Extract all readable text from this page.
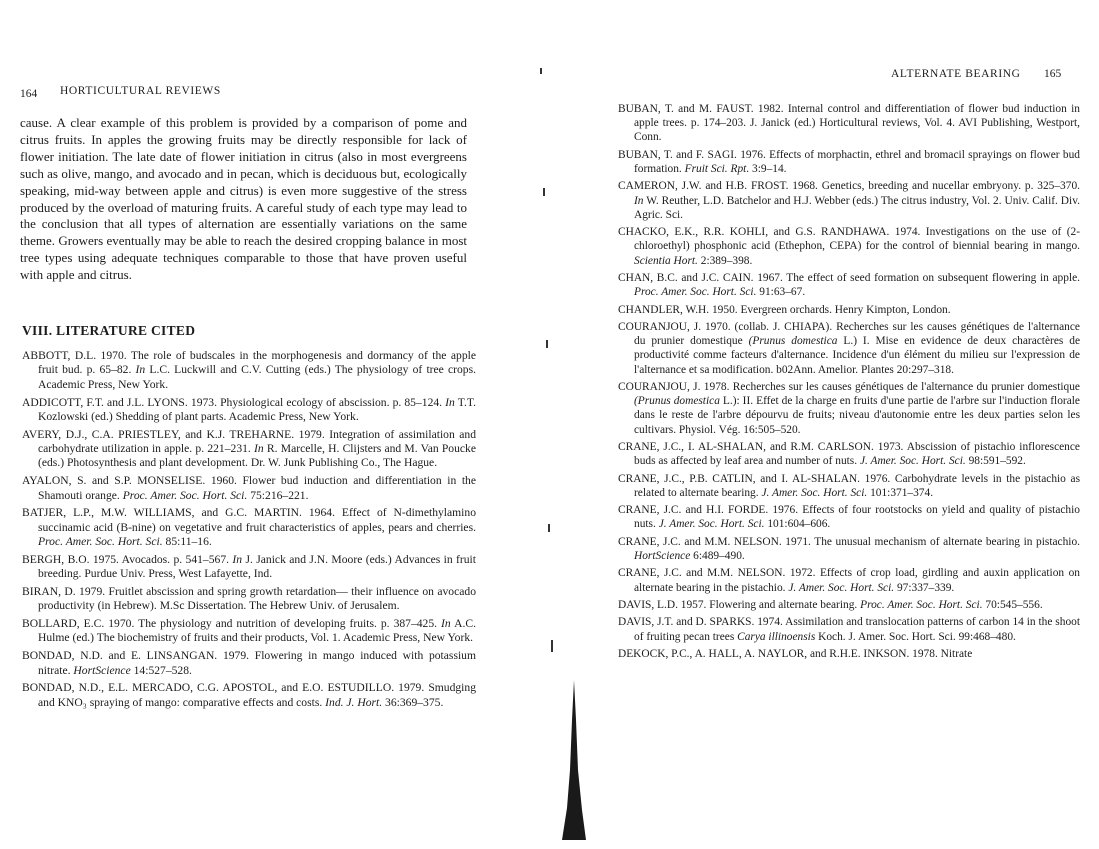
164 HORTICULTURAL REVIEWS

cause. A clear example of this problem is provided by a comparison of pome and citrus fruits. In apples the growing fruits may be directly responsible for lack of flower initiation. The late date of flower initiation in citrus (also in most evergreens such as olive, mango, and avocado and in pecan, which is deciduous but, ecologically speaking, mid-way between apple and citrus) is even more suggestive of the stress produced by the overload of maturing fruits. A careful study of each type may lead to the conclusion that all types of alternation are essentially variations on the same theme. Growers eventually may be able to reach the desired cropping balance in most tree types using adequate techniques comparable to those that have proven useful with apple and citrus.

VIII. LITERATURE CITED
ABBOTT, D.L. 1970. The role of budscales in the morphogenesis and dormancy of the apple fruit bud. p. 65–82. In L.C. Luckwill and C.V. Cutting (eds.) The physiology of tree crops. Academic Press, New York.
ADDICOTT, F.T. and J.L. LYONS. 1973. Physiological ecology of abscission. p. 85–124. In T.T. Kozlowski (ed.) Shedding of plant parts. Academic Press, New York.
AVERY, D.J., C.A. PRIESTLEY, and K.J. TREHARNE. 1979. Integration of assimilation and carbohydrate utilization in apple. p. 221–231. In R. Marcelle, H. Clijsters and M. Van Poucke (eds.) Photosynthesis and plant development. Dr. W. Junk Publishing Co., The Hague.
AYALON, S. and S.P. MONSELISE. 1960. Flower bud induction and differentiation in the Shamouti orange. Proc. Amer. Soc. Hort. Sci. 75:216–221.
BATJER, L.P., M.W. WILLIAMS, and G.C. MARTIN. 1964. Effect of N-dimethylamino succinamic acid (B-nine) on vegetative and fruit characteristics of apples, pears and cherries. Proc. Amer. Soc. Hort. Sci. 85:11–16.
BERGH, B.O. 1975. Avocados. p. 541–567. In J. Janick and J.N. Moore (eds.) Advances in fruit breeding. Purdue Univ. Press, West Lafayette, Ind.
BIRAN, D. 1979. Fruitlet abscission and spring growth retardation— their influence on avocado productivity (in Hebrew). M.Sc Dissertation. The Hebrew Univ. of Jerusalem.
BOLLARD, E.C. 1970. The physiology and nutrition of developing fruits. p. 387–425. In A.C. Hulme (ed.) The biochemistry of fruits and their products, Vol. 1. Academic Press, New York.
BONDAD, N.D. and E. LINSANGAN. 1979. Flowering in mango induced with potassium nitrate. HortScience 14:527–528.
BONDAD, N.D., E.L. MERCADO, C.G. APOSTOL, and E.O. ESTUDILLO. 1979. Smudging and KNO₃ spraying of mango: comparative effects and costs. Ind. J. Hort. 36:369–375.
ALTERNATE BEARING 165
BUBAN, T. and M. FAUST. 1982. Internal control and differentiation of flower bud induction in apple trees. p. 174–203. J. Janick (ed.) Horticultural reviews, Vol. 4. AVI Publishing, Westport, Conn.
BUBAN, T. and F. SAGI. 1976. Effects of morphactin, ethrel and bromacil sprayings on flower bud formation. Fruit Sci. Rpt. 3:9–14.
CAMERON, J.W. and H.B. FROST. 1968. Genetics, breeding and nucellar embryony. p. 325–370. In W. Reuther, L.D. Batchelor and H.J. Webber (eds.) The citrus industry, Vol. 2. Univ. Calif. Div. Agric. Sci.
CHACKO, E.K., R.R. KOHLI, and G.S. RANDHAWA. 1974. Investigations on the use of (2-chloroethyl) phosphonic acid (Ethephon, CEPA) for the control of biennial bearing in mango. Scientia Hort. 2:389–398.
CHAN, B.C. and J.C. CAIN. 1967. The effect of seed formation on subsequent flowering in apple. Proc. Amer. Soc. Hort. Sci. 91:63–67.
CHANDLER, W.H. 1950. Evergreen orchards. Henry Kimpton, London.
COURANJOU, J. 1970. (collab. J. CHIAPA). Recherches sur les causes génétiques de l'alternance du prunier domestique (Prunus domestica L.) I. Mise en evidence de deux charactères de productivité comme facteurs d'alternance. Incidence d'un élément du milieu sur l'expression de l'alternance et sa modification. b02Ann. Amelior. Plantes 20:297–318.
COURANJOU, J. 1978. Recherches sur les causes génétiques de l'alternance du prunier domestique (Prunus domestica L.): II. Effet de la charge en fruits d'une partie de l'arbre sur l'induction florale dans le reste de l'arbre dépourvu de fruits; niveau d'autonomie entre les deux parties selon les cultivars. Physiol. Vég. 16:505–520.
CRANE, J.C., I. AL-SHALAN, and R.M. CARLSON. 1973. Abscission of pistachio inflorescence buds as affected by leaf area and number of nuts. J. Amer. Soc. Hort. Sci. 98:591–592.
CRANE, J.C., P.B. CATLIN, and I. AL-SHALAN. 1976. Carbohydrate levels in the pistachio as related to alternate bearing. J. Amer. Soc. Hort. Sci. 101:371–374.
CRANE, J.C. and H.I. FORDE. 1976. Effects of four rootstocks on yield and quality of pistachio nuts. J. Amer. Soc. Hort. Sci. 101:604–606.
CRANE, J.C. and M.M. NELSON. 1971. The unusual mechanism of alternate bearing in pistachio. HortScience 6:489–490.
CRANE, J.C. and M.M. NELSON. 1972. Effects of crop load, girdling and auxin application on alternate bearing in the pistachio. J. Amer. Soc. Hort. Sci. 97:337–339.
DAVIS, L.D. 1957. Flowering and alternate bearing. Proc. Amer. Soc. Hort. Sci. 70:545–556.
DAVIS, J.T. and D. SPARKS. 1974. Assimilation and translocation patterns of carbon 14 in the shoot of fruiting pecan trees Carya illinoensis Koch. J. Amer. Soc. Hort. Sci. 99:468–480.
DEKOCK, P.C., A. HALL, A. NAYLOR, and R.H.E. INKSON. 1978. Nitrate
